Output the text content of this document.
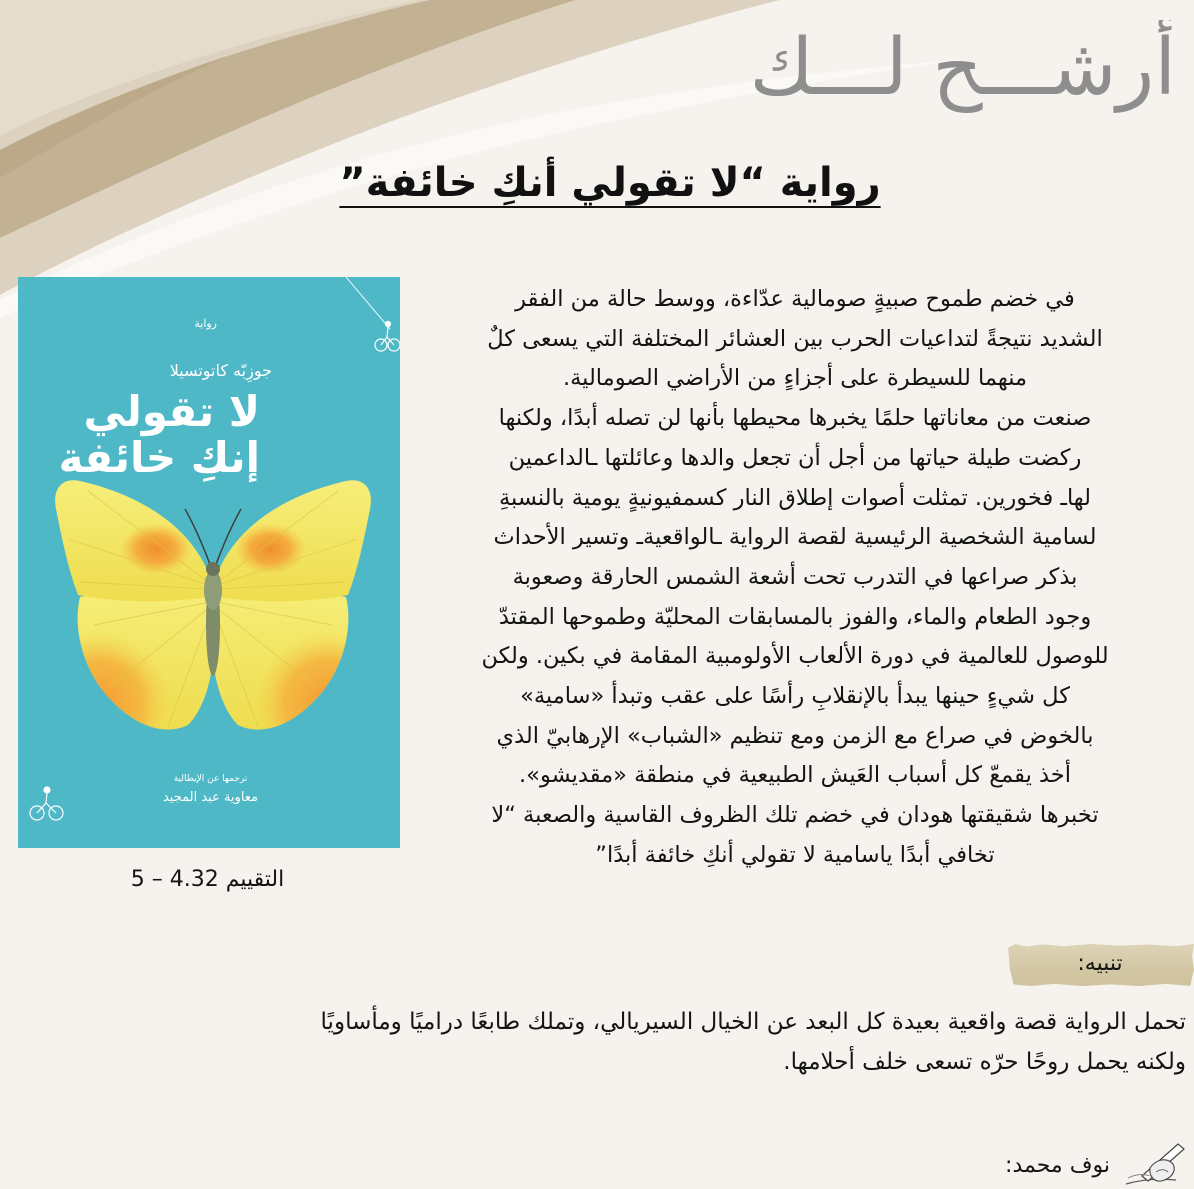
أرشـــح لـــك
رواية “لا تقولي أنكِ خائفة”
رواية
جوزِبّه كاتوتسيلا
لا تقولي
إنكِ خائفة
ترجمها عن الإيطالية
معاوية عبد المجيد
التقييم 4.32 – 5
في خضم طموح صبيةٍ صومالية عدّاءة، ووسط حالة من الفقر
الشديد نتيجةً لتداعيات الحرب بين العشائر المختلفة التي يسعى كلٌ
منهما للسيطرة على أجزاءٍ من الأراضي الصومالية.
صنعت من معاناتها حلمًا يخبرها محيطها بأنها لن تصله أبدًا، ولكنها
ركضت طيلة حياتها من أجل أن تجعل والدها وعائلتها ـالداعمين
لهاـ فخورين. تمثلت أصوات إطلاق النار كسمفيونيةٍ يومية بالنسبةِ
لسامية الشخصية الرئيسية لقصة الرواية ـالواقعيةـ وتسير الأحداث
بذكر صراعها في التدرب تحت أشعة الشمس الحارقة وصعوبة
وجود الطعام والماء، والفوز بالمسابقات المحليّة وطموحها المقتدّ
للوصول للعالمية في دورة الألعاب الأولومبية المقامة في بكين. ولكن
كل شيءٍ حينها يبدأ بالإنقلابِ رأسًا على عقب وتبدأ «سامية»
بالخوض في صراع مع الزمن ومع تنظيم «الشباب» الإرهابيّ الذي
أخذ يقمعّ كل أسباب العَيش الطبيعية في منطقة «مقديشو».
تخبرها شقيقتها هودان في خضم تلك الظروف القاسية والصعبة “لا
تخافي أبدًا ياسامية لا تقولي أنكِ خائفة أبدًا”
تنبيه:
تحمل الرواية قصة واقعية بعيدة كل البعد عن الخيال السيريالي، وتملك طابعًا دراميًا ومأساويًا
ولكنه يحمل روحًا حرّه تسعى خلف أحلامها.
نوف محمد:
